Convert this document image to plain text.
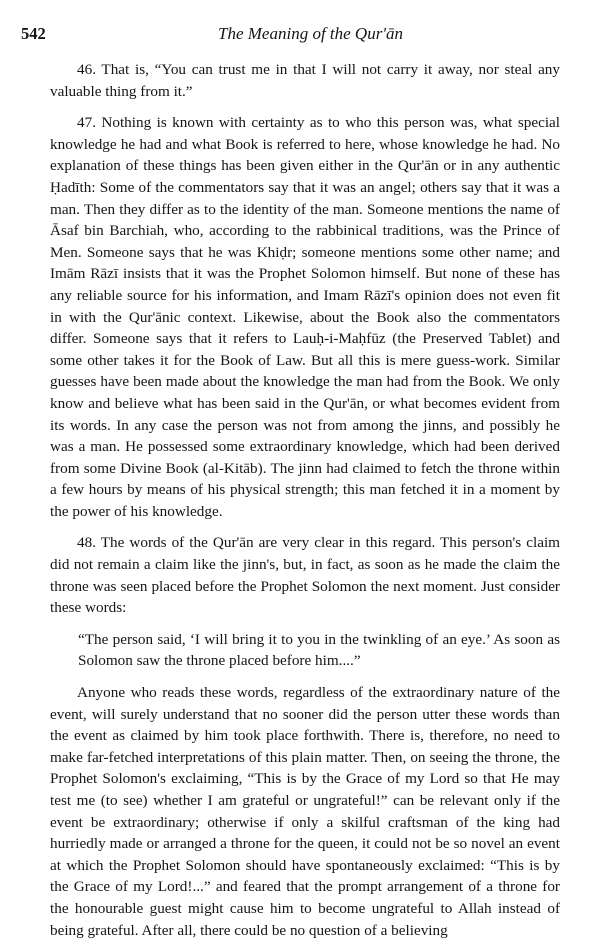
542	The Meaning of the Qur'ān

46. That is, “You can trust me in that I will not carry it away, nor steal any valuable thing from it.”

47. Nothing is known with certainty as to who this person was, what special knowledge he had and what Book is referred to here, whose knowledge he had. No explanation of these things has been given either in the Qur'ān or in any authentic Ḥadīth: Some of the commentators say that it was an angel; others say that it was a man. Then they differ as to the identity of the man. Someone mentions the name of Āsaf bin Barchiah, who, according to the rabbinical traditions, was the Prince of Men. Someone says that he was Khiḍr; someone mentions some other name; and Imām Rāzī insists that it was the Prophet Solomon himself. But none of these has any reliable source for his information, and Imam Rāzī's opinion does not even fit in with the Qur'ānic context. Likewise, about the Book also the commentators differ. Someone says that it refers to Lauḥ-i-Maḥfūz (the Preserved Tablet) and some other takes it for the Book of Law. But all this is mere guess-work. Similar guesses have been made about the knowledge the man had from the Book. We only know and believe what has been said in the Qur'ān, or what becomes evident from its words. In any case the person was not from among the jinns, and possibly he was a man. He possessed some extraordinary knowledge, which had been derived from some Divine Book (al-Kitāb). The jinn had claimed to fetch the throne within a few hours by means of his physical strength; this man fetched it in a moment by the power of his knowledge.

48. The words of the Qur'ān are very clear in this regard. This person's claim did not remain a claim like the jinn's, but, in fact, as soon as he made the claim the throne was seen placed before the Prophet Solomon the next moment. Just consider these words:

“The person said, ‘I will bring it to you in the twinkling of an eye.’ As soon as Solomon saw the throne placed before him....”

Anyone who reads these words, regardless of the extraordinary nature of the event, will surely understand that no sooner did the person utter these words than the event as claimed by him took place forthwith. There is, therefore, no need to make far-fetched interpretations of this plain matter. Then, on seeing the throne, the Prophet Solomon's exclaiming, “This is by the Grace of my Lord so that He may test me (to see) whether I am grateful or ungrateful!” can be relevant only if the event be extraordinary; otherwise if only a skilful craftsman of the king had hurriedly made or arranged a throne for the queen, it could not be so novel an event at which the Prophet Solomon should have spontaneously exclaimed: “This is by the Grace of my Lord!...” and feared that the prompt arrangement of a throne for the honourable guest might cause him to become ungrateful to Allah instead of being grateful. After all, there could be no question of a believing
